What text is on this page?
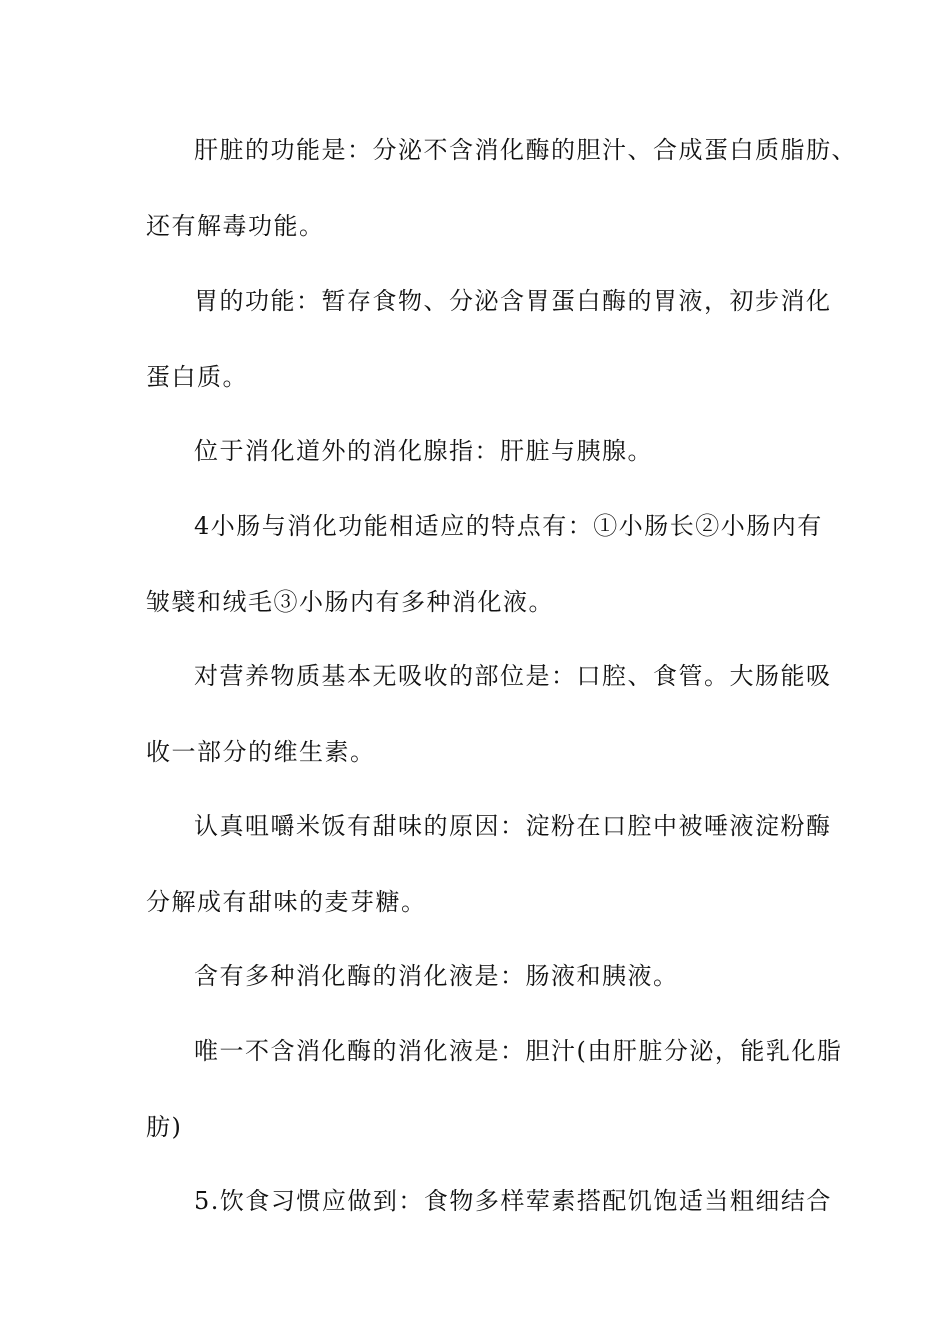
肝脏的功能是：分泌不含消化酶的胆汁、合成蛋白质脂肪、
还有解毒功能。
胃的功能：暂存食物、分泌含胃蛋白酶的胃液，初步消化
蛋白质。
位于消化道外的消化腺指：肝脏与胰腺。
4小肠与消化功能相适应的特点有：①小肠长②小肠内有
皱襞和绒毛③小肠内有多种消化液。
对营养物质基本无吸收的部位是：口腔、食管。大肠能吸
收一部分的维生素。
认真咀嚼米饭有甜味的原因：淀粉在口腔中被唾液淀粉酶
分解成有甜味的麦芽糖。
含有多种消化酶的消化液是：肠液和胰液。
唯一不含消化酶的消化液是：胆汁(由肝脏分泌，能乳化脂
肪)
5.饮食习惯应做到：食物多样荤素搭配饥饱适当粗细结合
